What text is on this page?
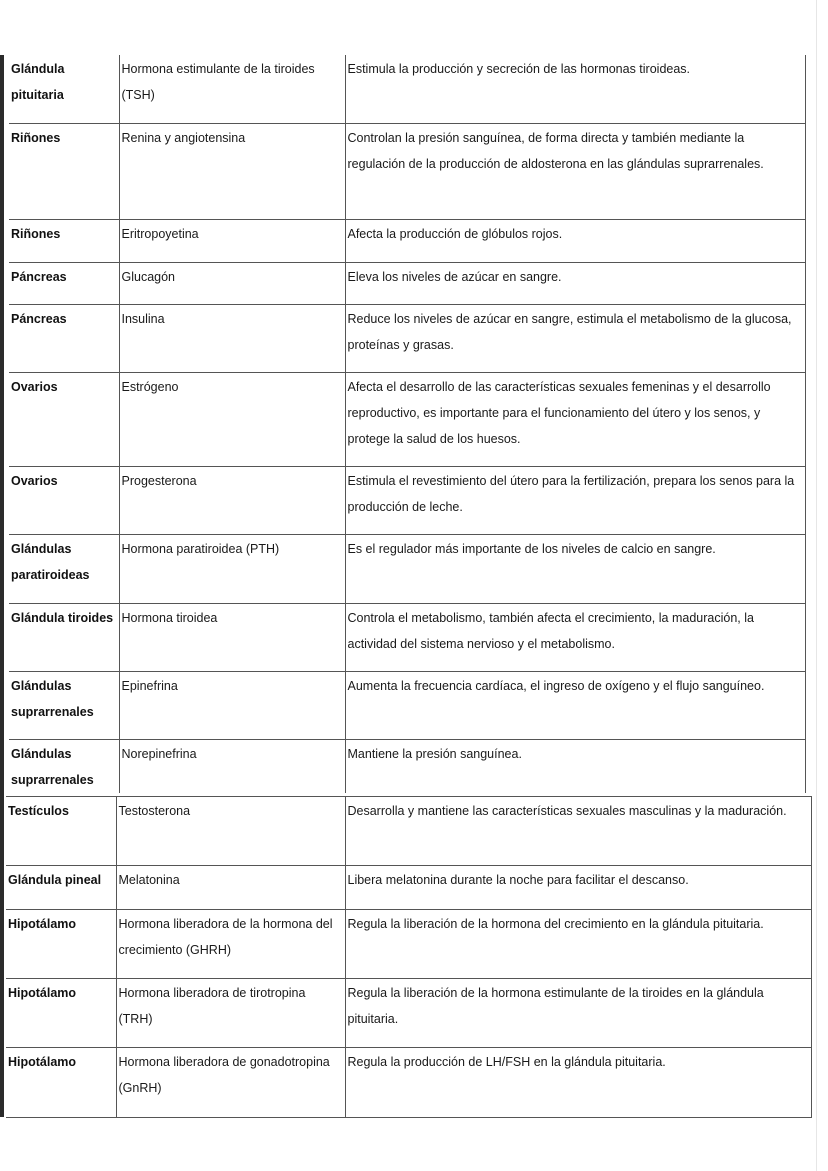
Glándula pituitaria	Hormona estimulante de la tiroides (TSH)	Estimula la producción y secreción de las hormonas tiroideas.
Riñones	Renina y angiotensina	Controlan la presión sanguínea, de forma directa y también mediante la regulación de la producción de aldosterona en las glándulas suprarrenales.
Riñones	Eritropoyetina	Afecta la producción de glóbulos rojos.
Páncreas	Glucagón	Eleva los niveles de azúcar en sangre.
Páncreas	Insulina	Reduce los niveles de azúcar en sangre, estimula el metabolismo de la glucosa, proteínas y grasas.
Ovarios	Estrógeno	Afecta el desarrollo de las características sexuales femeninas y el desarrollo reproductivo, es importante para el funcionamiento del útero y los senos, y protege la salud de los huesos.
Ovarios	Progesterona	Estimula el revestimiento del útero para la fertilización, prepara los senos para la producción de leche.
Glándulas paratiroideas	Hormona paratiroidea (PTH)	Es el regulador más importante de los niveles de calcio en sangre.
Glándula tiroides	Hormona tiroidea	Controla el metabolismo, también afecta el crecimiento, la maduración, la actividad del sistema nervioso y el metabolismo.
Glándulas suprarrenales	Epinefrina	Aumenta la frecuencia cardíaca, el ingreso de oxígeno y el flujo sanguíneo.
Glándulas suprarrenales	Norepinefrina	Mantiene la presión sanguínea.
Testículos	Testosterona	Desarrolla y mantiene las características sexuales masculinas y la maduración.
Glándula pineal	Melatonina	Libera melatonina durante la noche para facilitar el descanso.
Hipotálamo	Hormona liberadora de la hormona del crecimiento (GHRH)	Regula la liberación de la hormona del crecimiento en la glándula pituitaria.
Hipotálamo	Hormona liberadora de tirotropina (TRH)	Regula la liberación de la hormona estimulante de la tiroides en la glándula pituitaria.
Hipotálamo	Hormona liberadora de gonadotropina (GnRH)	Regula la producción de LH/FSH en la glándula pituitaria.
